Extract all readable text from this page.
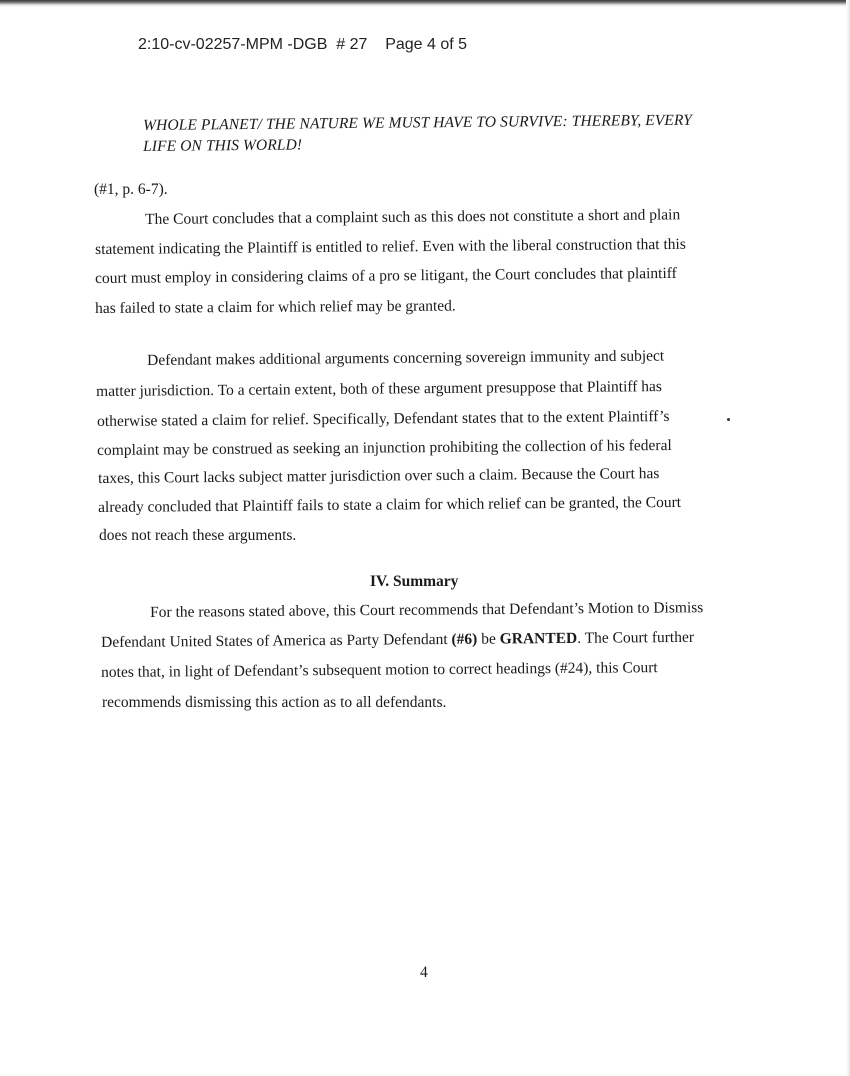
2:10-cv-02257-MPM -DGB # 27 Page 4 of 5
WHOLE PLANET/ THE NATURE WE MUST HAVE TO SURVIVE: THEREBY, EVERY
LIFE ON THIS WORLD!
(#1, p. 6-7).
The Court concludes that a complaint such as this does not constitute a short and plain
statement indicating the Plaintiff is entitled to relief. Even with the liberal construction that this
court must employ in considering claims of a pro se litigant, the Court concludes that plaintiff
has failed to state a claim for which relief may be granted.
Defendant makes additional arguments concerning sovereign immunity and subject
matter jurisdiction. To a certain extent, both of these argument presuppose that Plaintiff has
otherwise stated a claim for relief. Specifically, Defendant states that to the extent Plaintiff’s
complaint may be construed as seeking an injunction prohibiting the collection of his federal
taxes, this Court lacks subject matter jurisdiction over such a claim. Because the Court has
already concluded that Plaintiff fails to state a claim for which relief can be granted, the Court
does not reach these arguments.
IV. Summary
For the reasons stated above, this Court recommends that Defendant’s Motion to Dismiss
Defendant United States of America as Party Defendant (#6) be GRANTED. The Court further
notes that, in light of Defendant’s subsequent motion to correct headings (#24), this Court
recommends dismissing this action as to all defendants.
4
